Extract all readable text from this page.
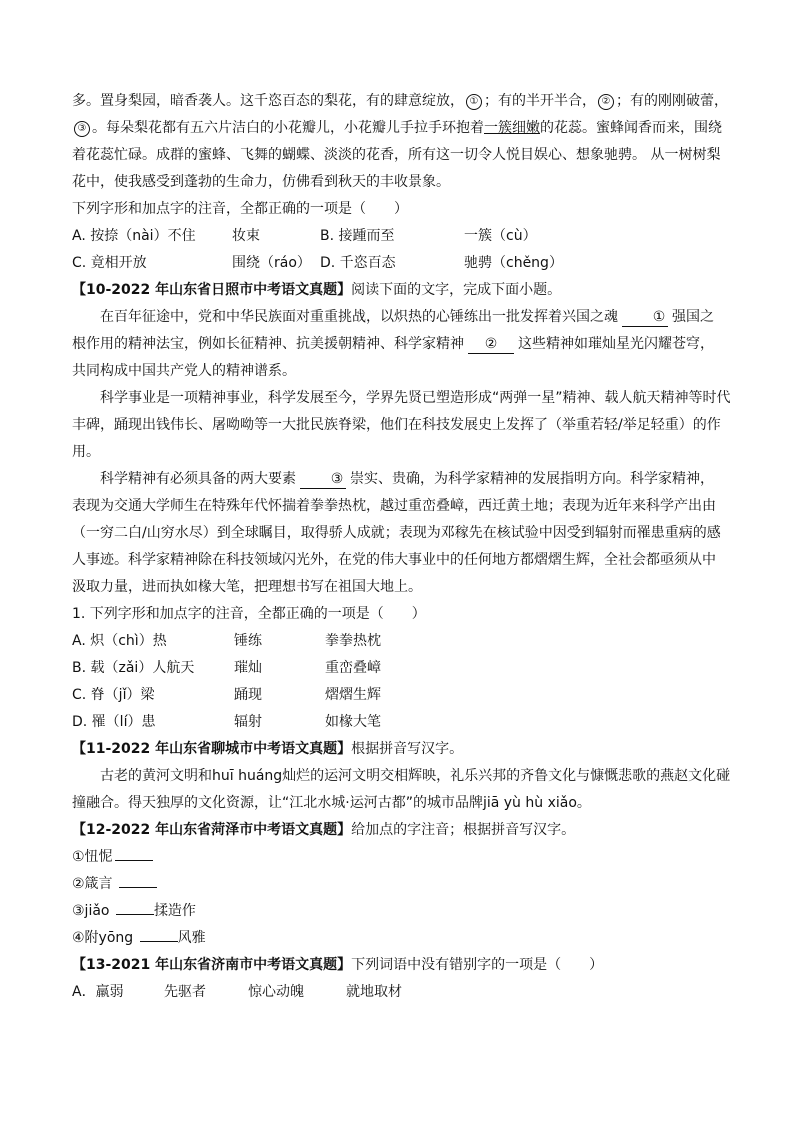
多。置身梨园，暗香袭人。这千恣百态的梨花，有的肆意绽放， ① ；有的半开半合， ② ；有的刚刚破蕾，

③ 。每朵梨花都有五六片洁白的小花瓣儿，小花瓣儿手拉手环抱着一簇细嫩的花蕊。蜜蜂闻香而来，围绕

着花蕊忙碌。成群的蜜蜂、飞舞的蝴蝶、淡淡的花香，所有这一切令人悦目娱心、想象驰骋。 从一树树梨

花中，使我感受到蓬勃的生命力，仿佛看到秋天的丰收景象。

下列字形和加点字的注音，全都正确的一项是（　　）

A. 按捺（nài）不住	妆束	B. 接踵而至	一簇（cù）
C. 竟相开放	围绕（ráo） D. 千恣百态	驰骋（chěng）

【10-2022 年山东省日照市中考语文真题】阅读下面的文字，完成下面小题。

在百年征途中，党和中华民族面对重重挑战，以炽热的心锤练出一批发挥着兴国之魂 ① 强国之

根作用的精神法宝，例如长征精神、抗美援朝精神、科学家精神 ② 这些精神如璀灿星光闪耀苍穹，

共同构成中国共产党人的精神谱系。

科学事业是一项精神事业，科学发展至今，学界先贤已塑造形成“两弹一星”精神、载人航天精神等时代

丰碑，踊现出钱伟长、屠呦呦等一大批民族脊梁，他们在科技发展史上发挥了（举重若轻/举足轻重）的作

用。

科学精神有必须具备的两大要素 ③ 崇实、贵确，为科学家精神的发展指明方向。科学家精神，

表现为交通大学师生在特殊年代怀揣着拳拳热枕，越过重峦叠嶂，西迁黄土地；表现为近年来科学产出由

（一穷二白/山穷水尽）到全球瞩目，取得骄人成就；表现为邓稼先在核试验中因受到辐射而罹患重病的感

人事迹。科学家精神除在科技领域闪光外，在党的伟大事业中的任何地方都熠熠生辉，全社会都亟须从中

汲取力量，进而执如椽大笔，把理想书写在祖国大地上。

1. 下列字形和加点字的注音，全都正确的一项是（　　）

A. 炽（chì）热	锤练	拳拳热枕
B. 载（zǎi）人航天	璀灿	重峦叠嶂
C. 脊（jǐ）梁	踊现	熠熠生辉
D. 罹（lí）患	辐射	如椽大笔

【11-2022 年山东省聊城市中考语文真题】根据拼音写汉字。

古老的黄河文明和huī huáng灿烂的运河文明交相辉映，礼乐兴邦的齐鲁文化与慷慨悲歌的燕赵文化碰

撞融合。得天独厚的文化资源，让“江北水城·运河古都”的城市品牌jiā yù hù xiǎo。

【12-2022 年山东省菏泽市中考语文真题】给加点的字注音；根据拼音写汉字。

①忸怩

②箴言

③jiǎo	揉造作

④附yōng	风雅

【13-2021 年山东省济南市中考语文真题】下列词语中没有错别字的一项是（　　）

A．羸弱	先驱者	惊心动魄	就地取材
